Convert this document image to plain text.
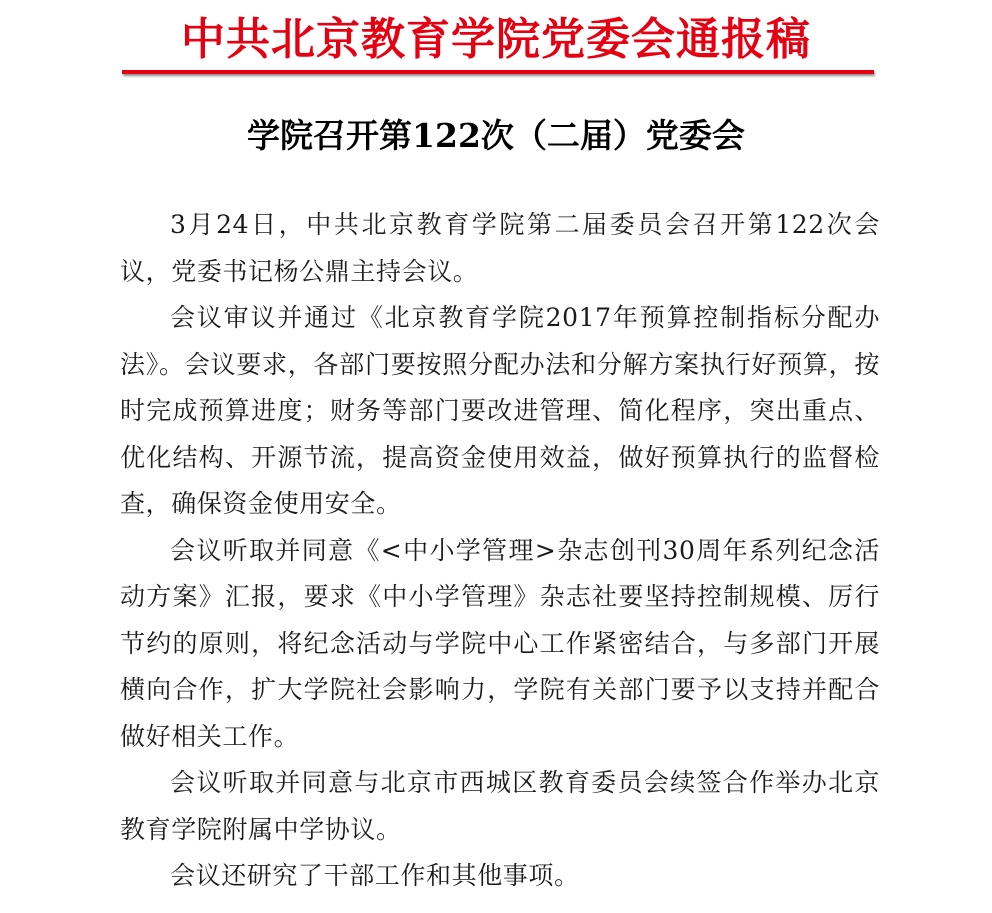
中共北京教育学院党委会通报稿
学院召开第122次（二届）党委会

3月24日，中共北京教育学院第二届委员会召开第122次会议，党委书记杨公鼎主持会议。

会议审议并通过《北京教育学院2017年预算控制指标分配办法》。会议要求，各部门要按照分配办法和分解方案执行好预算，按时完成预算进度；财务等部门要改进管理、简化程序，突出重点、优化结构、开源节流，提高资金使用效益，做好预算执行的监督检查，确保资金使用安全。

会议听取并同意《<中小学管理>杂志创刊30周年系列纪念活动方案》汇报，要求《中小学管理》杂志社要坚持控制规模、厉行节约的原则，将纪念活动与学院中心工作紧密结合，与多部门开展横向合作，扩大学院社会影响力，学院有关部门要予以支持并配合做好相关工作。

会议听取并同意与北京市西城区教育委员会续签合作举办北京教育学院附属中学协议。

会议还研究了干部工作和其他事项。
